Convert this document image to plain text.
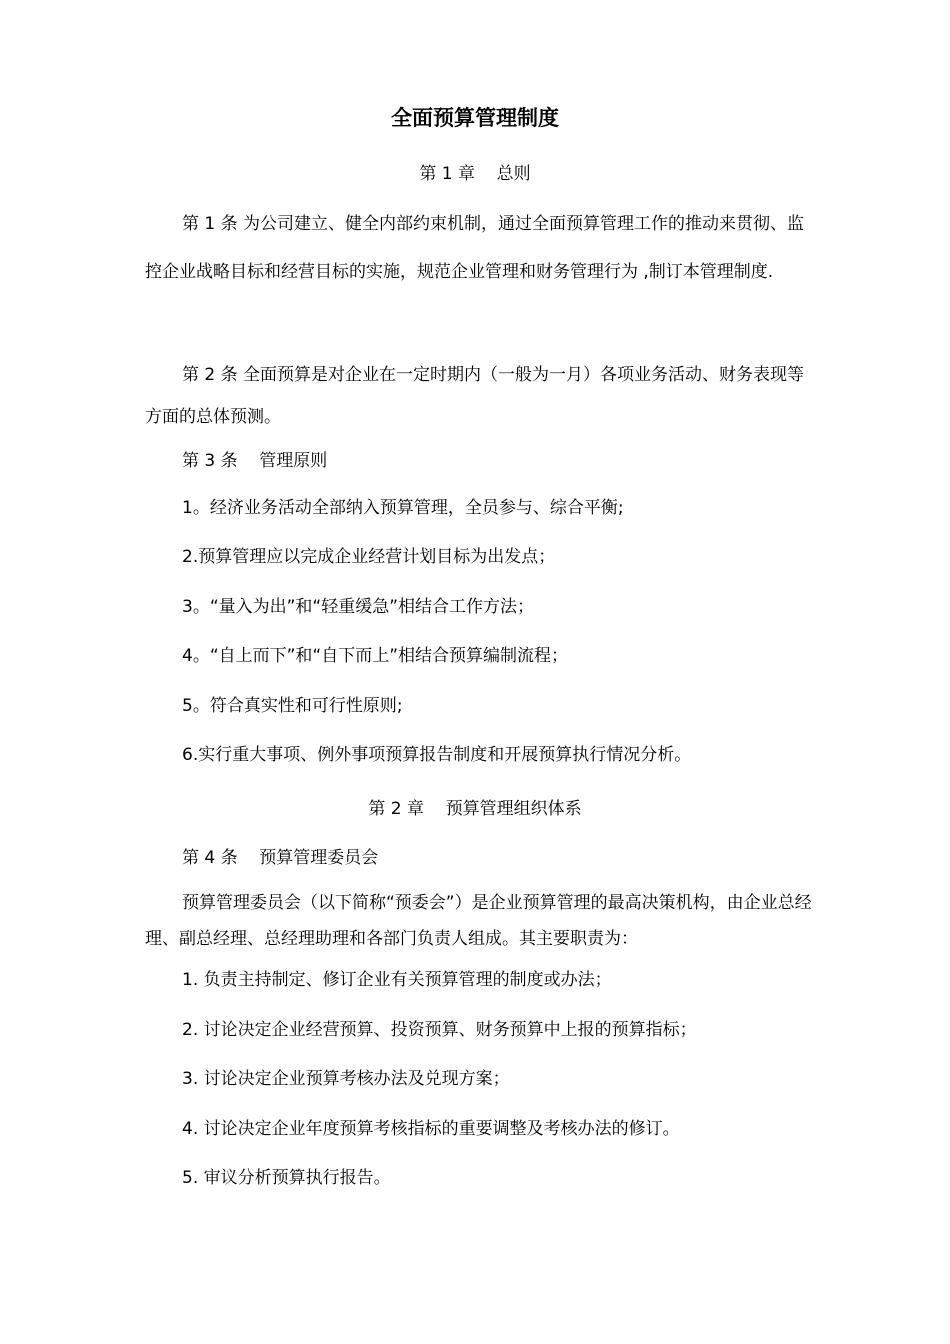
全面预算管理制度
第 1 章    总则
第 1 条 为公司建立、健全内部约束机制，通过全面预算管理工作的推动来贯彻、监控企业战略目标和经营目标的实施，规范企业管理和财务管理行为 ,制订本管理制度.
第 2 条 全面预算是对企业在一定时期内（一般为一月）各项业务活动、财务表现等方面的总体预测。
第 3 条    管理原则
1。经济业务活动全部纳入预算管理，全员参与、综合平衡;
2.预算管理应以完成企业经营计划目标为出发点；
3。“量入为出”和“轻重缓急”相结合工作方法；
4。“自上而下”和“自下而上”相结合预算编制流程；
5。符合真实性和可行性原则;
6.实行重大事项、例外事项预算报告制度和开展预算执行情况分析。
第 2 章    预算管理组织体系
第 4 条    预算管理委员会
预算管理委员会（以下简称“预委会”）是企业预算管理的最高决策机构，由企业总经理、副总经理、总经理助理和各部门负责人组成。其主要职责为：
1. 负责主持制定、修订企业有关预算管理的制度或办法；
2. 讨论决定企业经营预算、投资预算、财务预算中上报的预算指标；
3. 讨论决定企业预算考核办法及兑现方案；
4. 讨论决定企业年度预算考核指标的重要调整及考核办法的修订。
5. 审议分析预算执行报告。
